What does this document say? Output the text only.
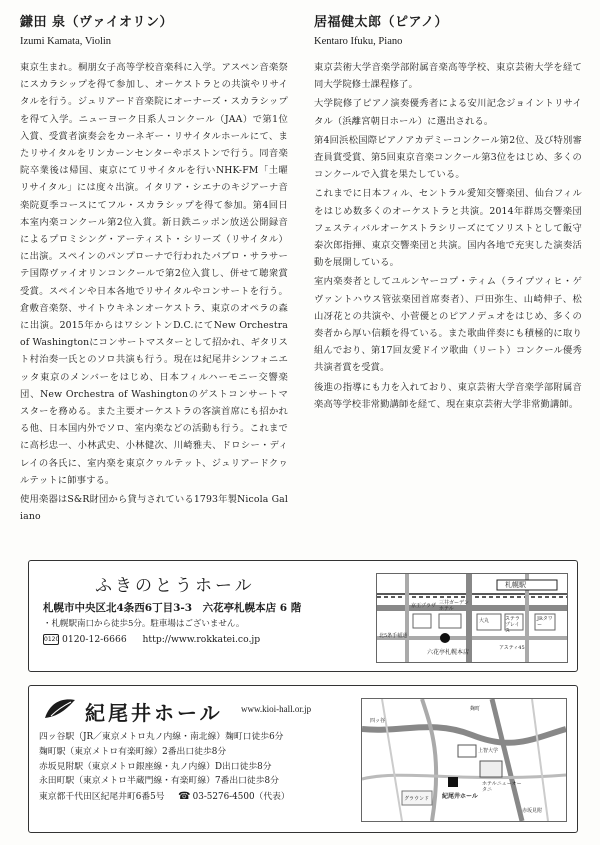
鎌田 泉（ヴァイオリン）
Izumi Kamata, Violin

東京生まれ。桐朋女子高等学校音楽科に入学。アスペン音楽祭にスカラシップを得て参加し、オーケストラとの共演やリサイタルを行う。ジュリアード音楽院にオーナーズ・スカラシップを得て入学。ニューヨーク日系人コンクール（JAA）で第1位入賞、受賞者演奏会をカーネギー・リサイタルホールにて、またリサイタルをリンカーンセンターやボストンで行う。同音楽院卒業後は帰国、東京にてリサイタルを行いNHK-FM「土曜リサイタル」には度々出演。イタリア・シエナのキジアーナ音楽院夏季コースにてフル・スカラシップを得て参加。第4回日本室内楽コンクール第2位入賞。新日鉄ニッポン放送公開録音によるプロミシング・アーティスト・シリーズ（リサイタル）に出演。スペインのパンプローナで行われたパブロ・サラサーテ国際ヴァイオリンコンクールで第2位入賞し、併せて聴衆賞受賞。スペインや日本各地でリサイタルやコンサートを行う。倉敷音楽祭、サイトウキネンオーケストラ、東京のオペラの森に出演。2015年からはワシントンD.C.にてNew Orchestra of Washingtonにコンサートマスターとして招かれ、ギタリスト村治奏一氏とのソロ共演も行う。現在は紀尾井シンフォニエッタ東京のメンバーをはじめ、日本フィルハーモニー交響楽団、New Orchestra of Washingtonのゲストコンサートマスターを務める。また主要オーケストラの客演首席にも招かれる他、日本国内外でソロ、室内楽などの活動も行う。これまでに高杉忠一、小林武史、小林健次、川崎雅夫、ドロシー・ディレイの各氏に、室内楽を東京クヮルテット、ジュリアードクヮルテットに師事する。

使用楽器はS&R財団から貸与されている1793年製Nicola Galiano

居福健太郎（ピアノ）
Kentaro Ifuku, Piano

東京芸術大学音楽学部附属音楽高等学校、東京芸術大学を経て同大学院修士課程修了。

大学院修了ピアノ演奏優秀者による安川記念ジョイントリサイタル（浜離宮朝日ホール）に選出される。

第4回浜松国際ピアノアカデミーコンクール第2位、及び特別審査員賞受賞、第5回東京音楽コンクール第3位をはじめ、多くのコンクールで入賞を果たしている。

これまでに日本フィル、セントラル愛知交響楽団、仙台フィルをはじめ数多くのオーケストラと共演。2014年群馬交響楽団フェスティバルオーケストラシリーズにてソリストとして飯守泰次郎指揮、東京交響楽団と共演。国内各地で充実した演奏活動を展開している。

室内楽奏者としてユルンヤーコプ・ティム（ライプツィヒ・ゲヴァントハウス管弦楽団首席奏者）、戸田弥生、山崎伸子、松山冴花との共演や、小菅優とのピアノデュオをはじめ、多くの奏者から厚い信頼を得ている。また歌曲伴奏にも積極的に取り組んでおり、第17回友愛ドイツ歌曲（リート）コンクール優秀共演者賞を受賞。

後進の指導にも力を入れており、東京芸術大学音楽学部附属音楽高等学校非常勤講師を経て、現在東京芸術大学非常勤講師。

ふきのとうホール
札幌市中央区北4条西6丁目3-3　六花亭札幌本店 6 階
・札幌駅南口から徒歩5分。駐車場はございません。
0120 0120-12-6666 http://www.rokkatei.co.jp
札幌駅
京王プラザ 三井ガーデンホテル
北5条手稲通
大丸	ステラプレイス
JRタワー
六花亭札幌本店
アスティ45
紀尾井ホール www.kioi-hall.or.jp
四ッ谷駅（JR／東京メトロ丸ノ内線・南北線）麹町口徒歩6分
麹町駅（東京メトロ有楽町線）2番出口徒歩8分
赤坂見附駅（東京メトロ銀座線・丸ノ内線）D出口徒歩8分
永田町駅（東京メトロ半蔵門線・有楽町線）7番出口徒歩8分
東京都千代田区紀尾井町6番5号 ☎ 03-5276-4500（代表）
麹町
四ッ谷
上智大学
紀尾井ホール
ホテルニューオータニ
赤坂見附
グラウンド
